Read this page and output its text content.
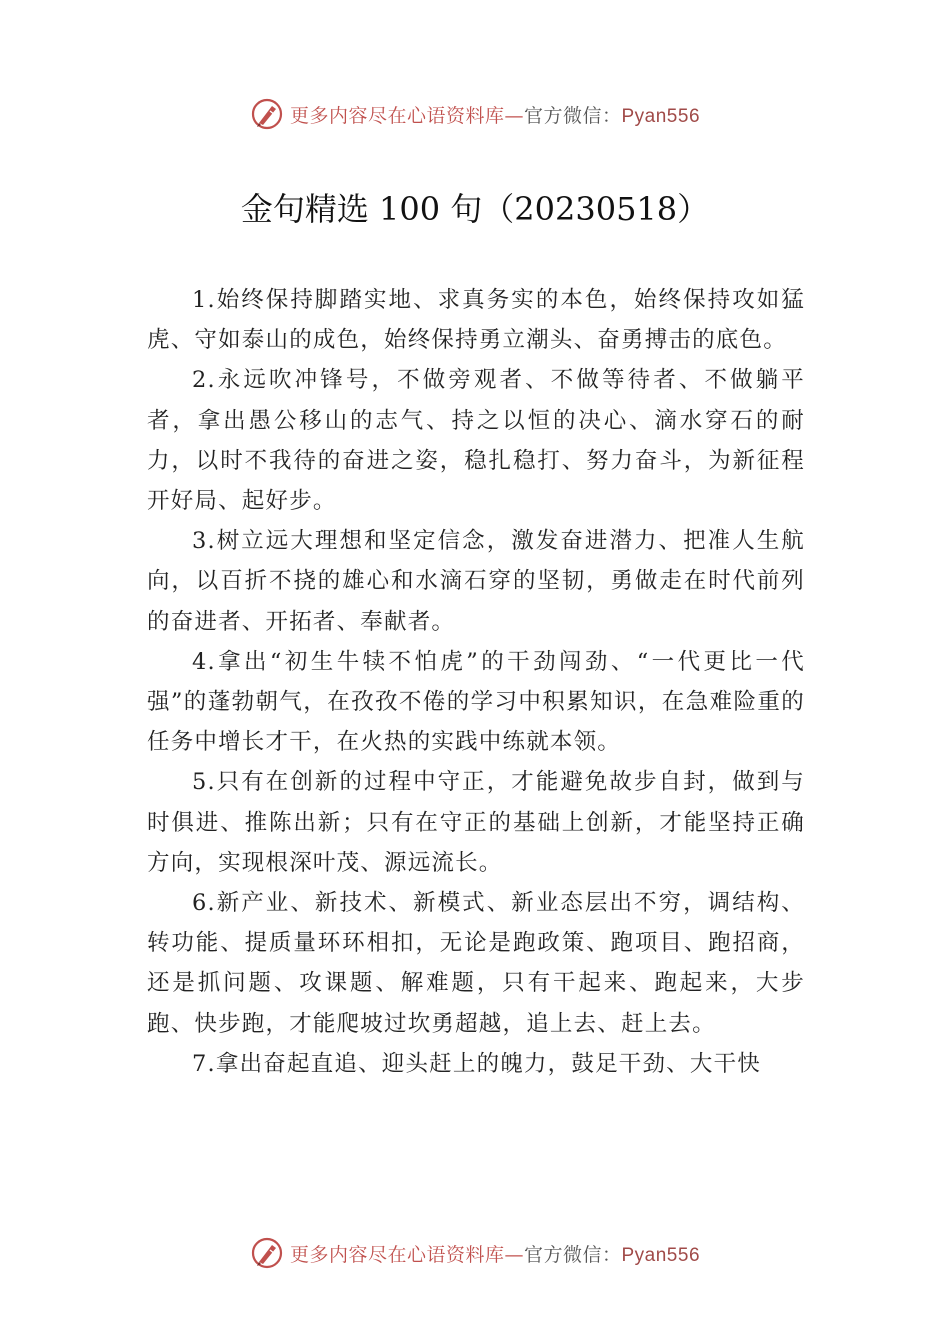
更多内容尽在心语资料库—官方微信：Pyan556
金句精选 100 句（20230518）

1.始终保持脚踏实地、求真务实的本色，始终保持攻如猛虎、守如泰山的成色，始终保持勇立潮头、奋勇搏击的底色。

2.永远吹冲锋号，不做旁观者、不做等待者、不做躺平者，拿出愚公移山的志气、持之以恒的决心、滴水穿石的耐力，以时不我待的奋进之姿，稳扎稳打、努力奋斗，为新征程开好局、起好步。

3.树立远大理想和坚定信念，激发奋进潜力、把准人生航向，以百折不挠的雄心和水滴石穿的坚韧，勇做走在时代前列的奋进者、开拓者、奉献者。

4.拿出“初生牛犊不怕虎”的干劲闯劲、“一代更比一代强”的蓬勃朝气，在孜孜不倦的学习中积累知识，在急难险重的任务中增长才干，在火热的实践中练就本领。

5.只有在创新的过程中守正，才能避免故步自封，做到与时俱进、推陈出新；只有在守正的基础上创新，才能坚持正确方向，实现根深叶茂、源远流长。

6.新产业、新技术、新模式、新业态层出不穷，调结构、转功能、提质量环环相扣，无论是跑政策、跑项目、跑招商，还是抓问题、攻课题、解难题，只有干起来、跑起来，大步跑、快步跑，才能爬坡过坎勇超越，追上去、赶上去。

7.拿出奋起直追、迎头赶上的魄力，鼓足干劲、大干快

更多内容尽在心语资料库—官方微信：Pyan556
